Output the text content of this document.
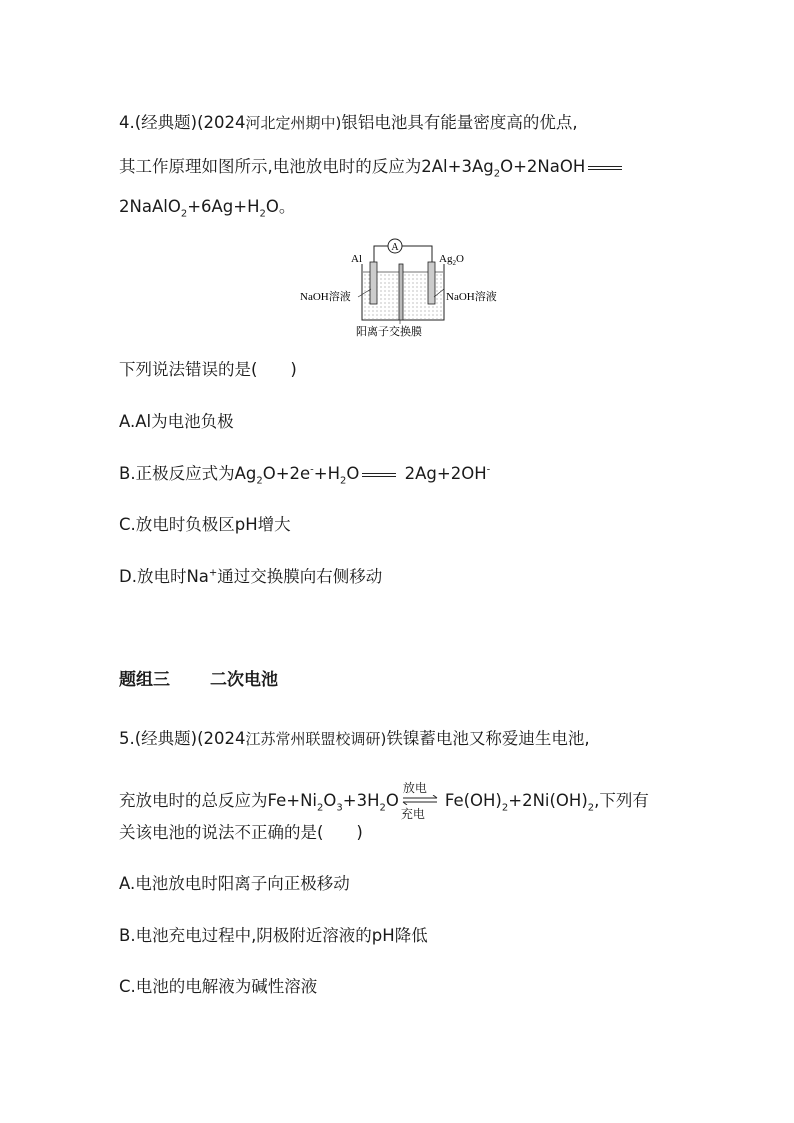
4.(经典题)(2024河北定州期中)银铝电池具有能量密度高的优点,
其工作原理如图所示,电池放电时的反应为$2Al+3Ag_2O+2NaOH$
$2NaAlO_2+6Ag+H_2O$。
A
Al	$Ag_2O$
NaOH溶液	NaOH溶液
阳离子交换膜
下列说法错误的是(　　)
A.Al为电池负极
B.正极反应式为$Ag_2O+2e^-+H_2O$	2Ag+2OH-
C.放电时负极区pH增大
D.放电时Na+通过交换膜向右侧移动
题组三 二次电池
5.(经典题)(2024江苏常州联盟校调研)铁镍蓄电池又称爱迪生电池,
充放电时的总反应为$Fe+Ni_2O_3+3H_2O$
放电
充电
$Fe(OH)_2+2Ni(OH)_2$,下列有
关该电池的说法不正确的是(　　)
A.电池放电时阳离子向正极移动
B.电池充电过程中,阴极附近溶液的pH降低
C.电池的电解液为碱性溶液
